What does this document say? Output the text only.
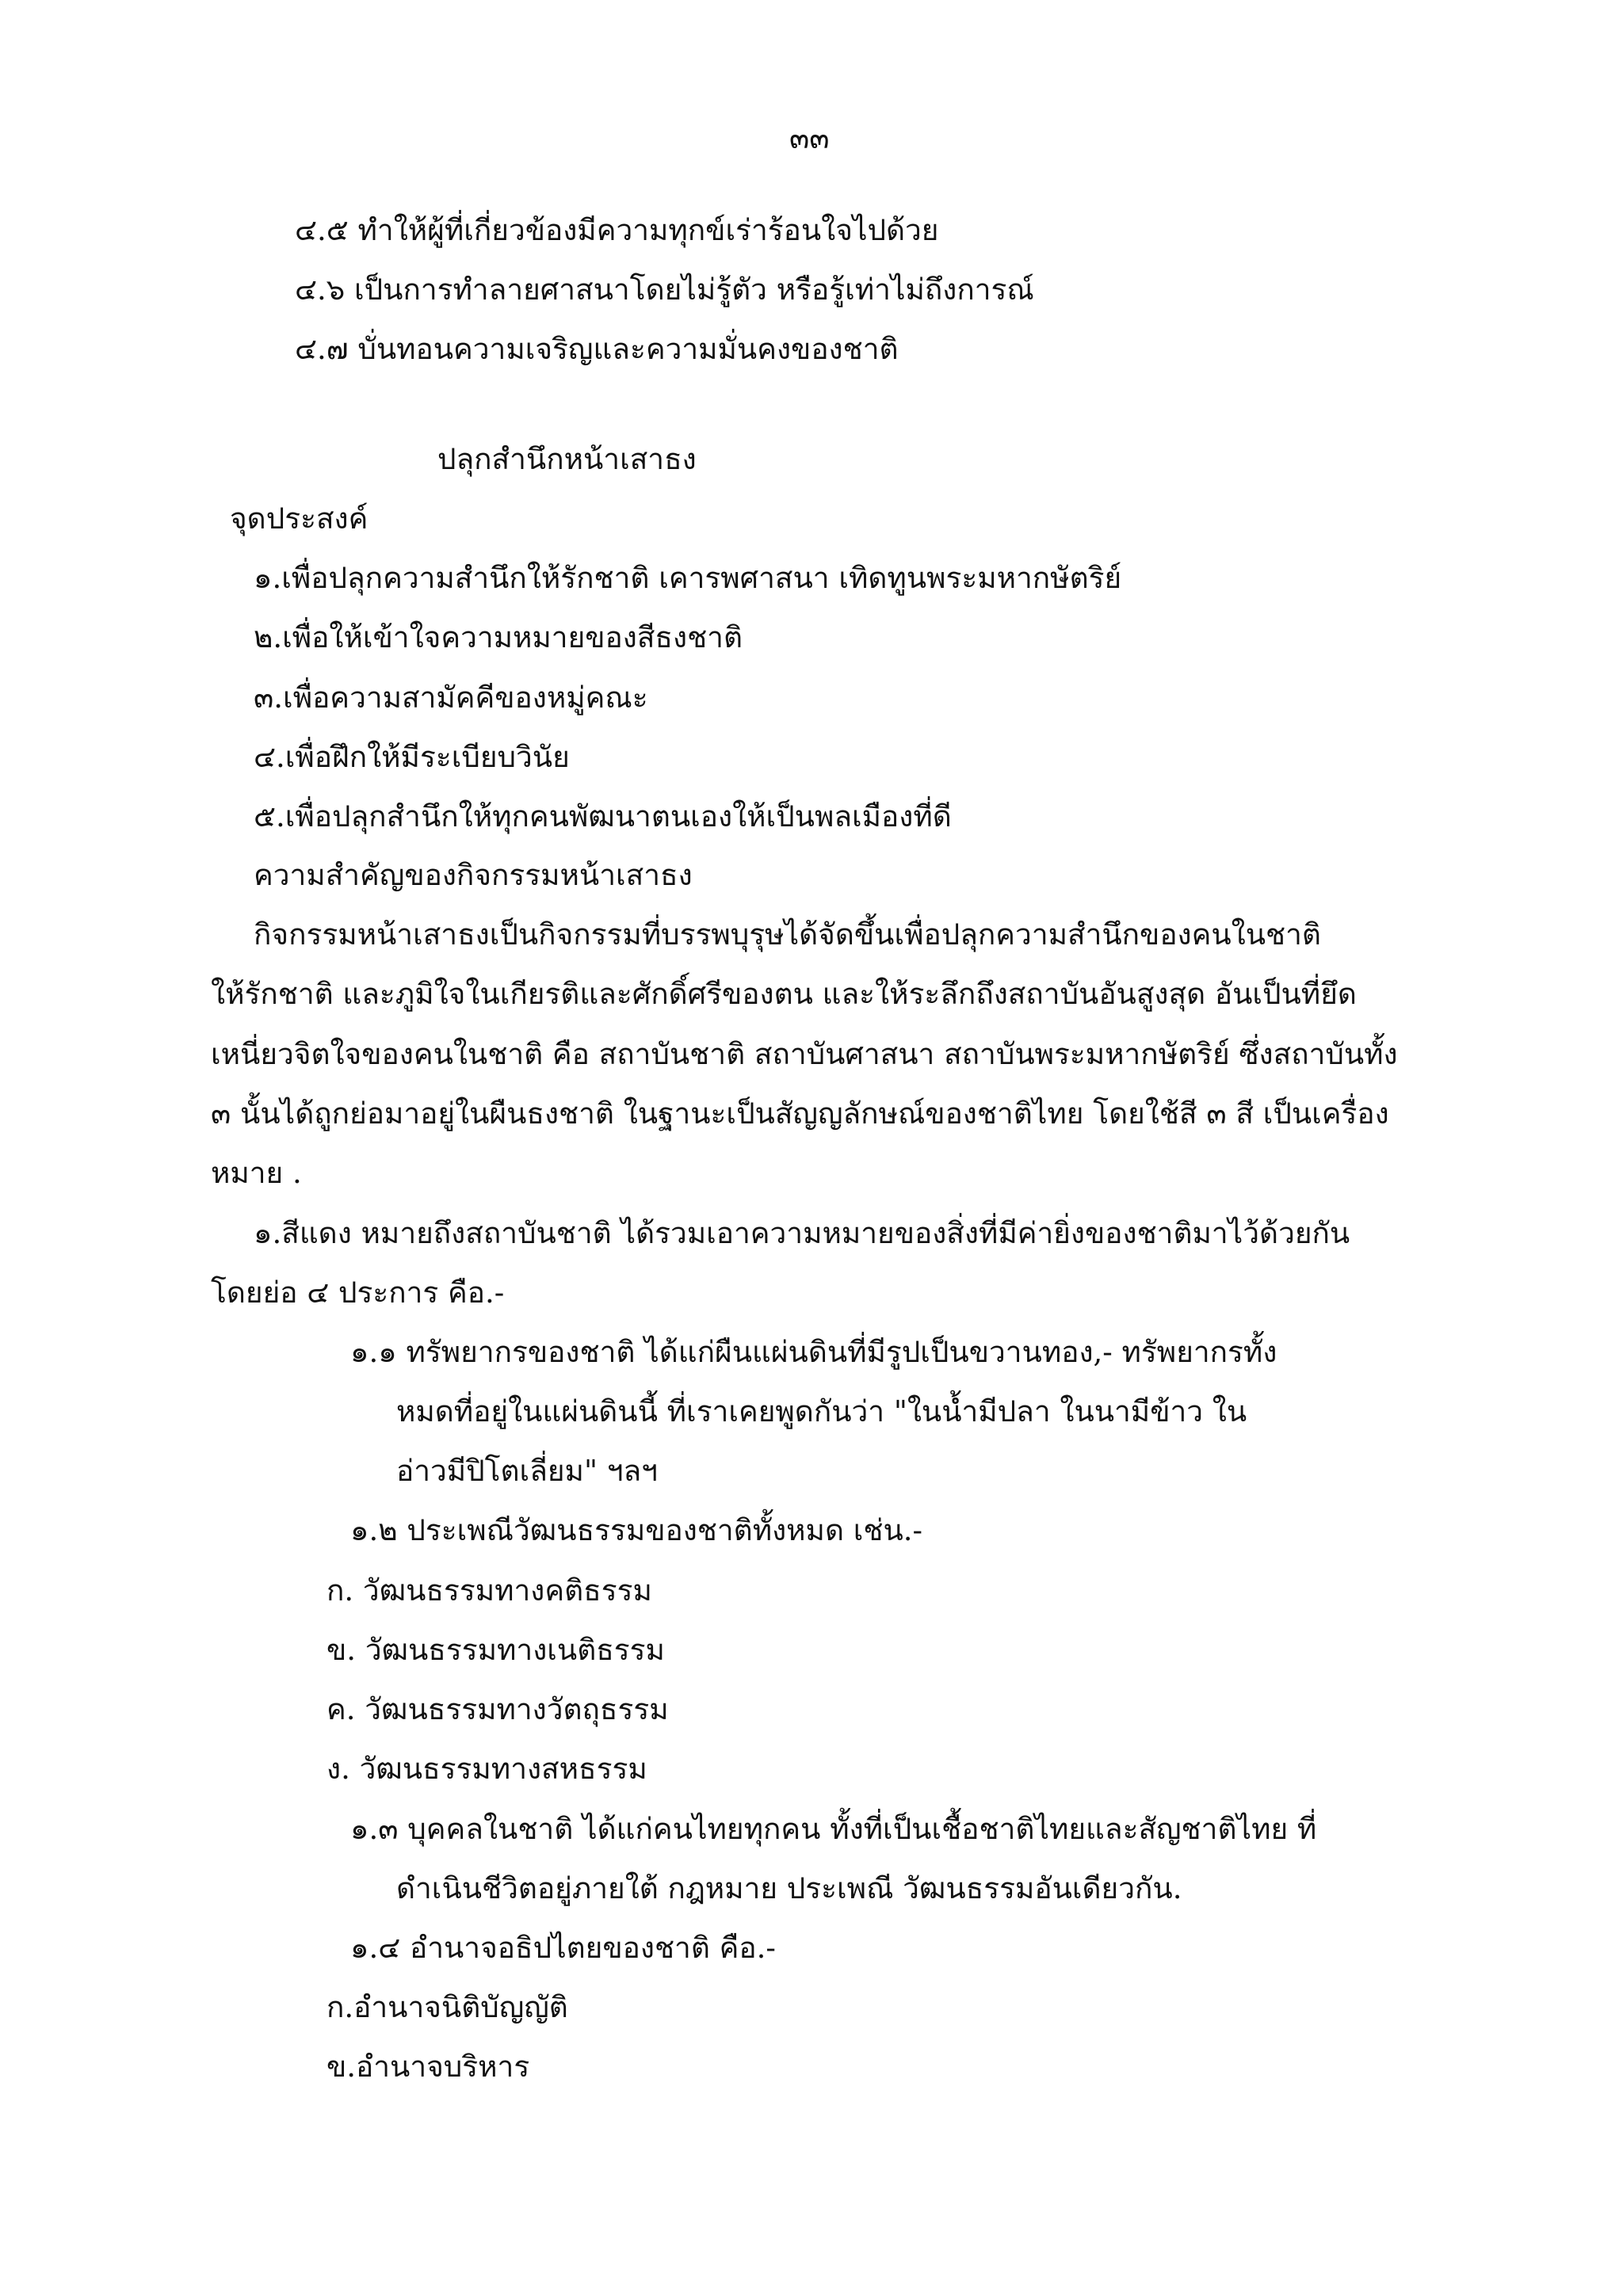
๓๓

๔.๕ ทำให้ผู้ที่เกี่ยวข้องมีความทุกข์เร่าร้อนใจไปด้วย

๔.๖ เป็นการทำลายศาสนาโดยไม่รู้ตัว หรือรู้เท่าไม่ถึงการณ์

๔.๗ บั่นทอนความเจริญและความมั่นคงของชาติ

ปลุกสำนึกหน้าเสาธง

จุดประสงค์

๑.เพื่อปลุกความสำนึกให้รักชาติ เคารพศาสนา เทิดทูนพระมหากษัตริย์

๒.เพื่อให้เข้าใจความหมายของสีธงชาติ

๓.เพื่อความสามัคคีของหมู่คณะ

๔.เพื่อฝึกให้มีระเบียบวินัย

๕.เพื่อปลุกสำนึกให้ทุกคนพัฒนาตนเองให้เป็นพลเมืองที่ดี

ความสำคัญของกิจกรรมหน้าเสาธง

กิจกรรมหน้าเสาธงเป็นกิจกรรมที่บรรพบุรุษได้จัดขึ้นเพื่อปลุกความสำนึกของคนในชาติ

ให้รักชาติ และภูมิใจในเกียรติและศักดิ์ศรีของตน และให้ระลึกถึงสถาบันอันสูงสุด อันเป็นที่ยึด

เหนี่ยวจิตใจของคนในชาติ คือ สถาบันชาติ สถาบันศาสนา สถาบันพระมหากษัตริย์ ซึ่งสถาบันทั้ง

๓ นั้นได้ถูกย่อมาอยู่ในผืนธงชาติ ในฐานะเป็นสัญญลักษณ์ของชาติไทย โดยใช้สี ๓ สี เป็นเครื่อง

หมาย .

๑.สีแดง หมายถึงสถาบันชาติ ได้รวมเอาความหมายของสิ่งที่มีค่ายิ่งของชาติมาไว้ด้วยกัน

โดยย่อ ๔ ประการ คือ.-

๑.๑ ทรัพยากรของชาติ ได้แก่ผืนแผ่นดินที่มีรูปเป็นขวานทอง,- ทรัพยากรทั้ง

หมดที่อยู่ในแผ่นดินนี้ ที่เราเคยพูดกันว่า "ในน้ำมีปลา ในนามีข้าว ใน

อ่าวมีปิโตเลี่ยม" ฯลฯ

๑.๒ ประเพณีวัฒนธรรมของชาติทั้งหมด เช่น.-

ก. วัฒนธรรมทางคติธรรม

ข. วัฒนธรรมทางเนติธรรม

ค. วัฒนธรรมทางวัตถุธรรม

ง. วัฒนธรรมทางสหธรรม

๑.๓ บุคคลในชาติ ได้แก่คนไทยทุกคน ทั้งที่เป็นเชื้อชาติไทยและสัญชาติไทย ที่

ดำเนินชีวิตอยู่ภายใต้ กฎหมาย ประเพณี วัฒนธรรมอันเดียวกัน.

๑.๔ อำนาจอธิปไตยของชาติ คือ.-

ก.อำนาจนิติบัญญัติ

ข.อำนาจบริหาร
